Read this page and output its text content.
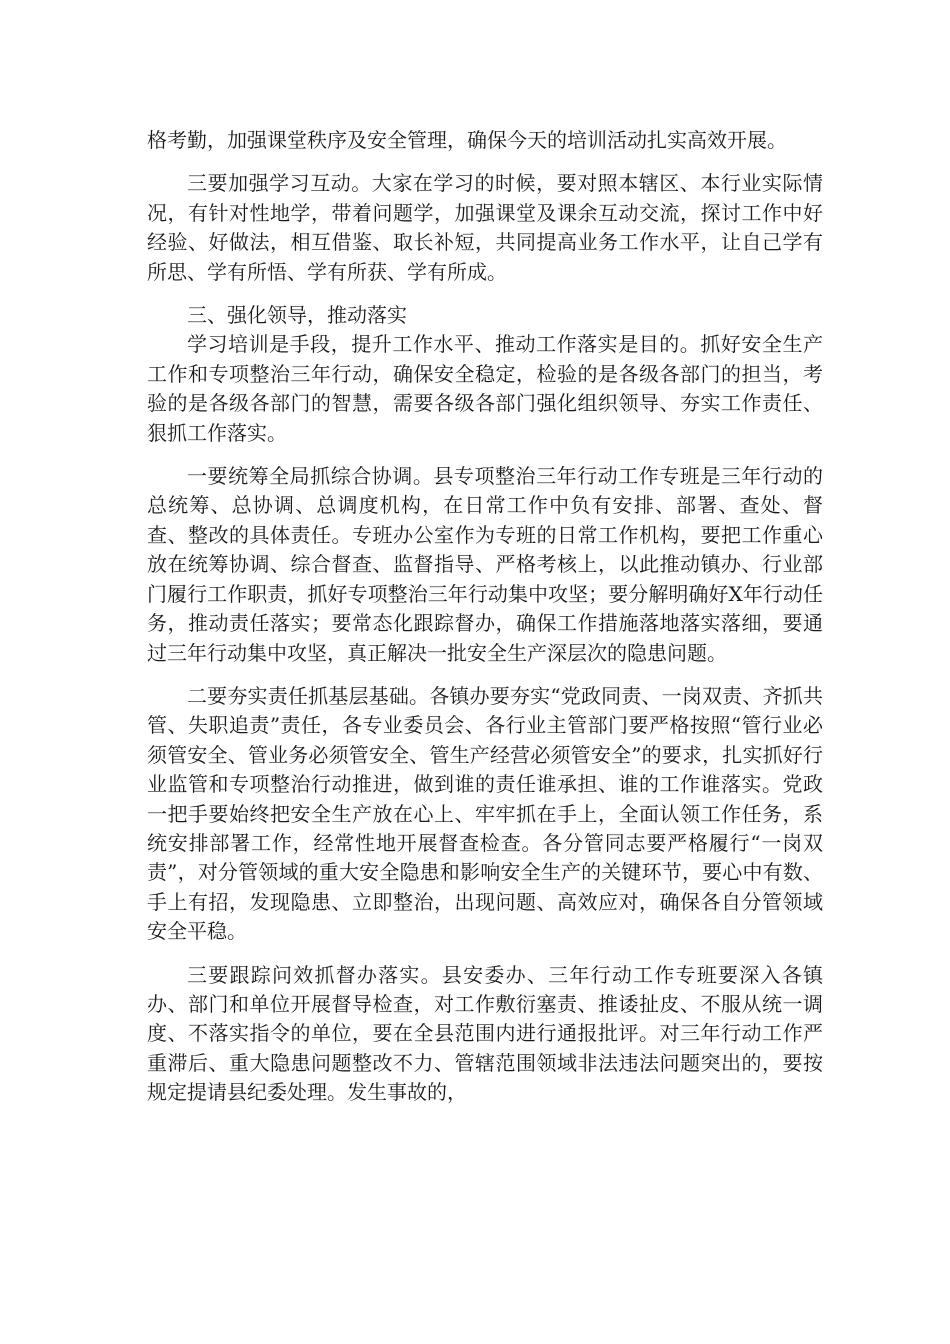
格考勤，加强课堂秩序及安全管理，确保今天的培训活动扎实高效开展。

三要加强学习互动。大家在学习的时候，要对照本辖区、本行业实际情况，有针对性地学，带着问题学，加强课堂及课余互动交流，探讨工作中好经验、好做法，相互借鉴、取长补短，共同提高业务工作水平，让自己学有所思、学有所悟、学有所获、学有所成。

三、强化领导，推动落实

学习培训是手段，提升工作水平、推动工作落实是目的。抓好安全生产工作和专项整治三年行动，确保安全稳定，检验的是各级各部门的担当，考验的是各级各部门的智慧，需要各级各部门强化组织领导、夯实工作责任、狠抓工作落实。

一要统筹全局抓综合协调。县专项整治三年行动工作专班是三年行动的总统筹、总协调、总调度机构，在日常工作中负有安排、部署、查处、督查、整改的具体责任。专班办公室作为专班的日常工作机构，要把工作重心放在统筹协调、综合督查、监督指导、严格考核上，以此推动镇办、行业部门履行工作职责，抓好专项整治三年行动集中攻坚；要分解明确好X年行动任务，推动责任落实；要常态化跟踪督办，确保工作措施落地落实落细，要通过三年行动集中攻坚，真正解决一批安全生产深层次的隐患问题。

二要夯实责任抓基层基础。各镇办要夯实“党政同责、一岗双责、齐抓共管、失职追责”责任，各专业委员会、各行业主管部门要严格按照“管行业必须管安全、管业务必须管安全、管生产经营必须管安全”的要求，扎实抓好行业监管和专项整治行动推进，做到谁的责任谁承担、谁的工作谁落实。党政一把手要始终把安全生产放在心上、牢牢抓在手上，全面认领工作任务，系统安排部署工作，经常性地开展督查检查。各分管同志要严格履行“一岗双责”，对分管领域的重大安全隐患和影响安全生产的关键环节，要心中有数、手上有招，发现隐患、立即整治，出现问题、高效应对，确保各自分管领域安全平稳。

三要跟踪问效抓督办落实。县安委办、三年行动工作专班要深入各镇办、部门和单位开展督导检查，对工作敷衍塞责、推诿扯皮、不服从统一调度、不落实指令的单位，要在全县范围内进行通报批评。对三年行动工作严重滞后、重大隐患问题整改不力、管辖范围领域非法违法问题突出的，要按规定提请县纪委处理。发生事故的，
